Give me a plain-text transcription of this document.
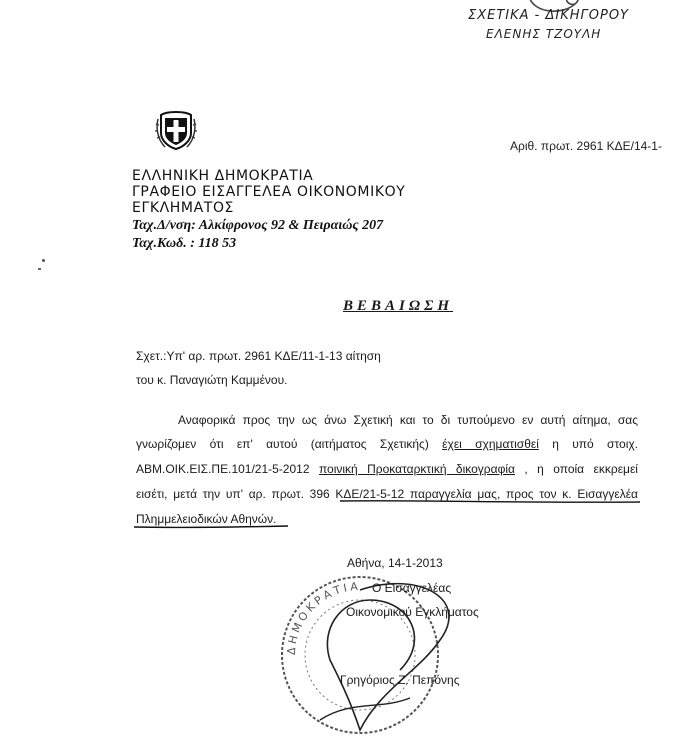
ΣΧΕΤΙΚΑ - ΔΙΚΗΓΟΡΟΥ
ΕΛΕΝΗΣ ΤΖΟΥΛΗ
Αριθ. πρωτ. 2961 ΚΔΕ/14-1-
ΕΛΛΗΝΙΚΗ ΔΗΜΟΚΡΑΤΙΑ
ΓΡΑΦΕΙΟ ΕΙΣΑΓΓΕΛΕΑ ΟΙΚΟΝΟΜΙΚΟΥ
ΕΓΚΛΗΜΑΤΟΣ
Ταχ.Δ/νση: Αλκίφρονος 92 & Πειραιώς 207
Ταχ.Κωδ. : 118 53
ΒΕΒΑΙΩΣΗ
Σχετ.:Υπ' αρ. πρωτ. 2961 ΚΔΕ/11-1-13 αίτηση
του κ. Παναγιώτη Καμμένου.
Αναφορικά προς την ως άνω Σχετική και το δι τυπούμενο εν αυτή αίτημα, σας
γνωρίζομεν ότι επ' αυτού (αιτήματος Σχετικής) έχει σχηματισθεί η υπό στοιχ.
ΑΒΜ.ΟΙΚ.ΕΙΣ.ΠΕ.101/21-5-2012 ποινική Προκαταρκτική δικογραφία , η οποία εκκρεμεί
εισέτι, μετά την υπ' αρ. πρωτ. 396 ΚΔΕ/21-5-12 παραγγελία μας, προς τον κ. Εισαγγελέα
Πλημμελειοδικών Αθηνών.
ΔΗΜΟΚΡΑΤΙΑ
Αθήνα, 14-1-2013
Ο Εισαγγελέας
Οικονομικού Εγκλήματος
Γρηγόριος Ζ. Πεπόνης
